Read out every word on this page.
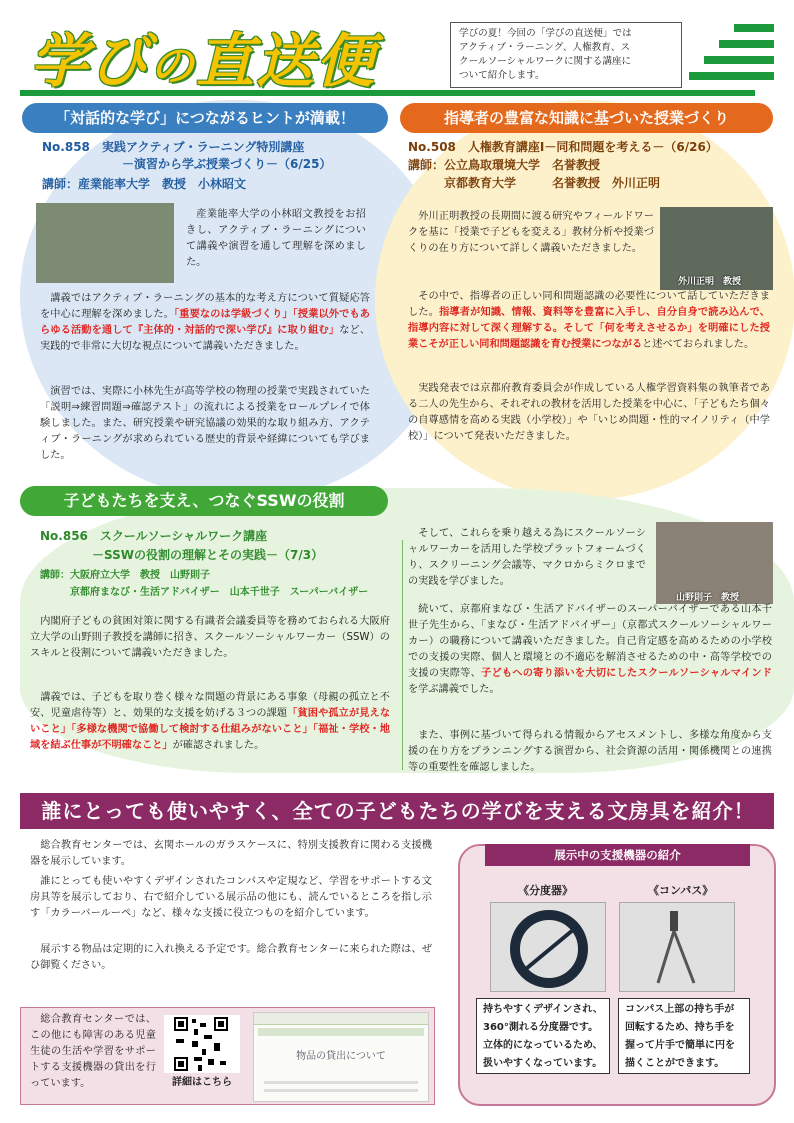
学びの直送便	学びの夏！今回の「学びの直送便」では
アクティブ・ラーニング、人権教育、ス
クールソーシャルワークに関する講座に
ついて紹介します。
「対話的な学び」につながるヒントが満載！
No.858　実践アクティブ・ラーニング特別講座
－演習から学ぶ授業づくり－（6/25）
講師：産業能率大学　教授　小林昭文
産業能率大学の小林昭文教授をお招きし、アクティブ・ラーニングについて講義や演習を通して理解を深めました。
講義ではアクティブ・ラーニングの基本的な考え方について質疑応答を中心に理解を深めました。「重要なのは学級づくり」「授業以外でもあらゆる活動を通して『主体的・対話的で深い学び』に取り組む」など、実践的で非常に大切な視点について講義いただきました。
演習では、実際に小林先生が高等学校の物理の授業で実践されていた「説明⇒練習問題⇒確認テスト」の流れによる授業をロールプレイで体験しました。また、研究授業や研究協議の効果的な取り組み方、アクティブ・ラーニングが求められている歴史的背景や経緯についても学びました。
指導者の豊富な知識に基づいた授業づくり
No.508　人権教育講座Ⅰ－同和問題を考える－（6/26）
講師：公立鳥取環境大学　名誉教授
京都教育大学　　　名誉教授　外川正明
外川正明　教授
外川正明教授の長期間に渡る研究やフィールドワークを基に「授業で子どもを変える」教材分析や授業づくりの在り方について詳しく講義いただきました。
その中で、指導者の正しい同和問題認識の必要性について話していただきました。指導者が知識、情報、資料等を豊富に入手し、自分自身で読み込んで、指導内容に対して深く理解する。そして「何を考えさせるか」を明確にした授業こそが正しい同和問題認識を育む授業につながると述べておられました。
実践発表では京都府教育委員会が作成している人権学習資料集の執筆者である二人の先生から、それぞれの教材を活用した授業を中心に、「子どもたち個々の自尊感情を高める実践（小学校）」や「いじめ問題・性的マイノリティ（中学校）」について発表いただきました。
子どもたちを支え、つなぐSSWの役割
No.856　スクールソーシャルワーク講座
－SSWの役割の理解とその実践－（7/3）
講師：大阪府立大学　教授　山野則子
京都府まなび・生活アドバイザー　山本千世子　スーパーバイザー
内閣府子どもの貧困対策に関する有識者会議委員等を務めておられる大阪府立大学の山野則子教授を講師に招き、スクールソーシャルワーカー（SSW）のスキルと役割について講義いただきました。
講義では、子どもを取り巻く様々な問題の背景にある事象（母親の孤立と不安、児童虐待等）と、効果的な支援を妨げる３つの課題「貧困や孤立が見えないこと」「多様な機関で協働して検討する仕組みがないこと」「福祉・学校・地域を結ぶ仕事が不明確なこと」が確認されました。
そして、これらを乗り越える為にスクールソーシャルワーカーを活用した学校プラットフォームづくり、スクリーニング会議等、マクロからミクロまでの実践を学びました。
山野則子　教授
続いて、京都府まなび・生活アドバイザーのスーパーバイザーである山本千世子先生から、「まなび・生活アドバイザー」（京都式スクールソーシャルワーカー）の職務について講義いただきました。自己肯定感を高めるための小学校での支援の実際、個人と環境との不適応を解消させるための中・高等学校での支援の実際等、子どもへの寄り添いを大切にしたスクールソーシャルマインドを学ぶ講義でした。
また、事例に基づいて得られる情報からアセスメントし、多様な角度から支援の在り方をプランニングする演習から、社会資源の活用・関係機関との連携等の重要性を確認しました。
誰にとっても使いやすく、全ての子どもたちの学びを支える文房具を紹介！
総合教育センターでは、玄関ホールのガラスケースに、特別支援教育に関わる支援機器を展示しています。
誰にとっても使いやすくデザインされたコンパスや定規など、学習をサポートする文房具等を展示しており、右で紹介している展示品の他にも、読んでいるところを指し示す「カラーバールーペ」など、様々な支援に役立つものを紹介しています。
展示する物品は定期的に入れ換える予定です。総合教育センターに来られた際は、ぜひ御覧ください。
総合教育センターでは、この他にも障害のある児童生徒の生活や学習をサポートする支援機器の貸出を行っています。	詳細はこちら
物品の貸出について
展示中の支援機器の紹介
《分度器》	《コンパス》
持ちやすくデザインされ、360°測れる分度器です。立体的になっているため、扱いやすくなっています。
コンパス上部の持ち手が回転するため、持ち手を握って片手で簡単に円を描くことができます。
